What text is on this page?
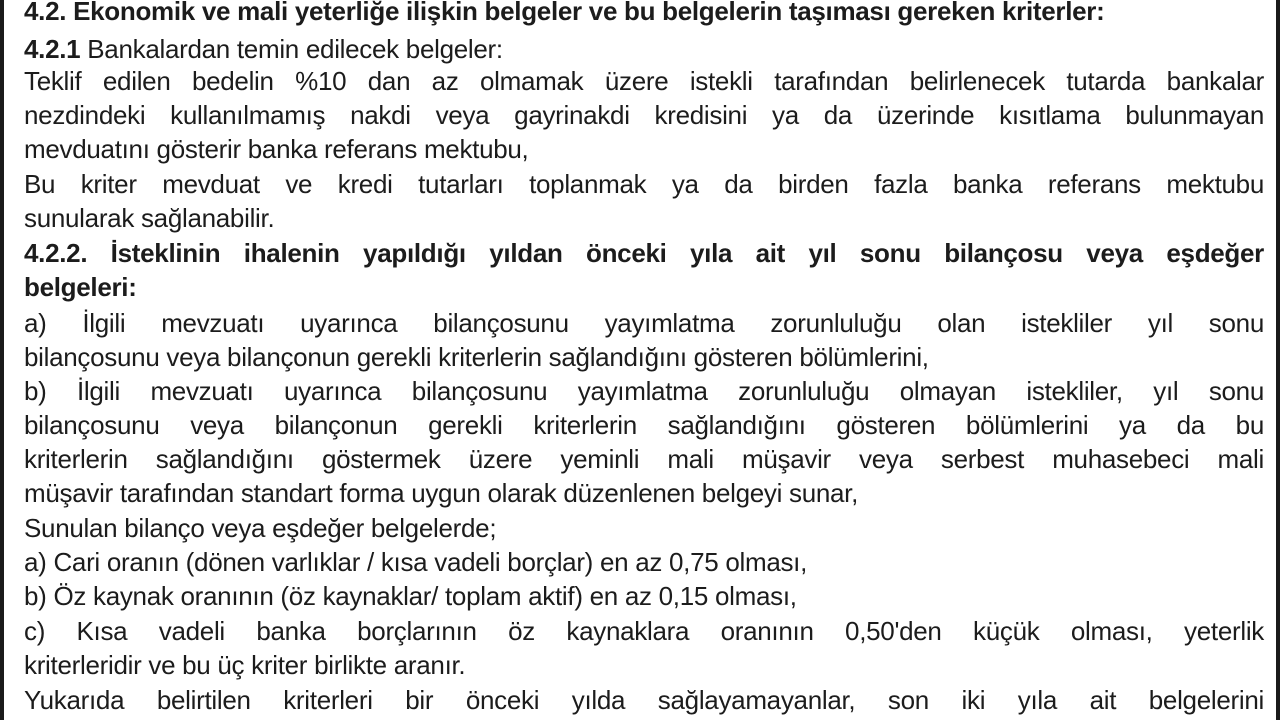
4.2. Ekonomik ve mali yeterliğe ilişkin belgeler ve bu belgelerin taşıması gereken kriterler:
4.2.1 Bankalardan temin edilecek belgeler:
Teklif edilen bedelin %10 dan az olmamak üzere istekli tarafından belirlenecek tutarda bankalar
nezdindeki kullanılmamış nakdi veya gayrinakdi kredisini ya da üzerinde kısıtlama bulunmayan
mevduatını gösterir banka referans mektubu,
Bu kriter mevduat ve kredi tutarları toplanmak ya da birden fazla banka referans mektubu
sunularak sağlanabilir.
4.2.2. İsteklinin ihalenin yapıldığı yıldan önceki yıla ait yıl sonu bilançosu veya eşdeğer
belgeleri:
a) İlgili mevzuatı uyarınca bilançosunu yayımlatma zorunluluğu olan istekliler yıl sonu
bilançosunu veya bilançonun gerekli kriterlerin sağlandığını gösteren bölümlerini,
b) İlgili mevzuatı uyarınca bilançosunu yayımlatma zorunluluğu olmayan istekliler, yıl sonu
bilançosunu veya bilançonun gerekli kriterlerin sağlandığını gösteren bölümlerini ya da bu
kriterlerin sağlandığını göstermek üzere yeminli mali müşavir veya serbest muhasebeci mali
müşavir tarafından standart forma uygun olarak düzenlenen belgeyi sunar,
Sunulan bilanço veya eşdeğer belgelerde;
a) Cari oranın (dönen varlıklar / kısa vadeli borçlar) en az 0,75 olması,
b) Öz kaynak oranının (öz kaynaklar/ toplam aktif) en az 0,15 olması,
c) Kısa vadeli banka borçlarının öz kaynaklara oranının 0,50'den küçük olması, yeterlik
kriterleridir ve bu üç kriter birlikte aranır.
Yukarıda belirtilen kriterleri bir önceki yılda sağlayamayanlar, son iki yıla ait belgelerini
